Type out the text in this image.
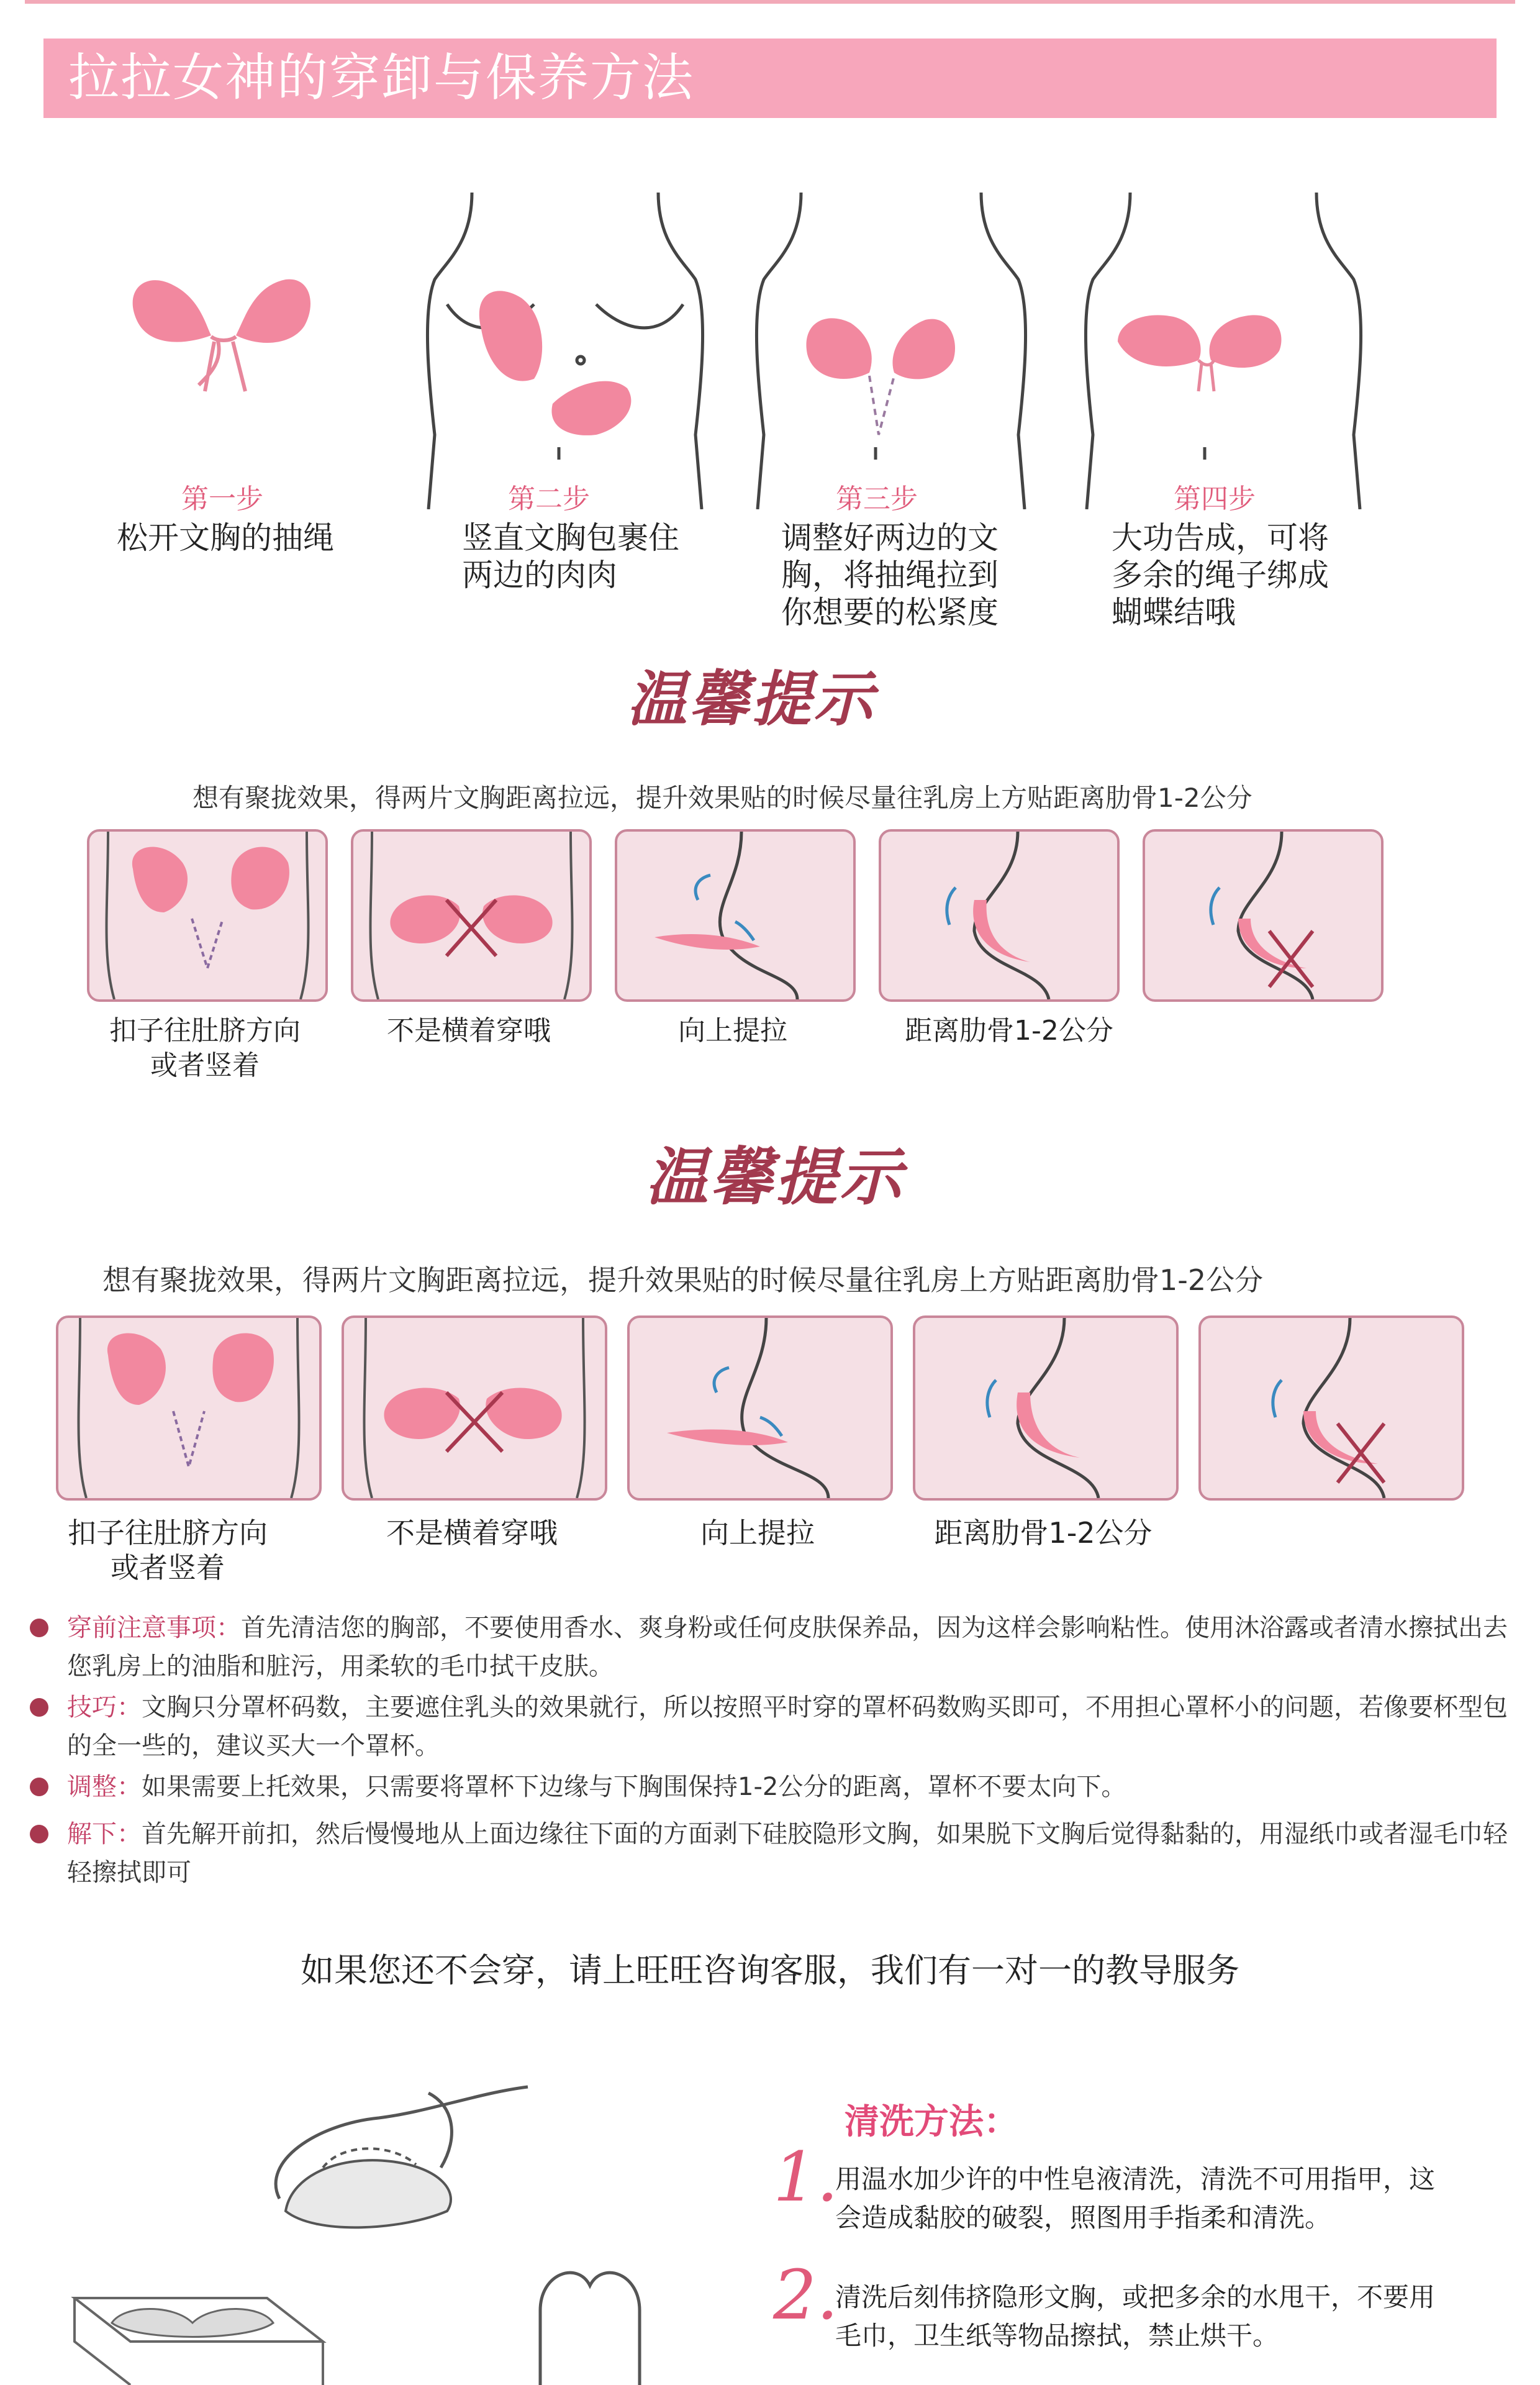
拉拉女神的穿卸与保养方法
第一步
松开文胸的抽绳
第二步
竖直文胸包裹住两边的肉肉
第三步
调整好两边的文胸，将抽绳拉到你想要的松紧度
第四步
大功告成，可将多余的绳子绑成蝴蝶结哦
温馨提示
想有聚拢效果，得两片文胸距离拉远，提升效果贴的时候尽量往乳房上方贴距离肋骨1-2公分
扣子往肚脐方向
或者竖着
不是横着穿哦	向上提拉	距离肋骨1-2公分
温馨提示
想有聚拢效果，得两片文胸距离拉远，提升效果贴的时候尽量往乳房上方贴距离肋骨1-2公分
扣子往肚脐方向
或者竖着
不是横着穿哦	向上提拉	距离肋骨1-2公分
穿前注意事项：首先清洁您的胸部，不要使用香水、爽身粉或任何皮肤保养品，因为这样会影响粘性。使用沐浴露或者清水擦拭出去您乳房上的油脂和脏污，用柔软的毛巾拭干皮肤。
技巧：文胸只分罩杯码数，主要遮住乳头的效果就行，所以按照平时穿的罩杯码数购买即可，不用担心罩杯小的问题，若像要杯型包的全一些的，建议买大一个罩杯。
调整：如果需要上托效果，只需要将罩杯下边缘与下胸围保持1-2公分的距离，罩杯不要太向下。
解下：首先解开前扣，然后慢慢地从上面边缘往下面的方面剥下硅胶隐形文胸，如果脱下文胸后觉得黏黏的，用湿纸巾或者湿毛巾轻轻擦拭即可
如果您还不会穿，请上旺旺咨询客服，我们有一对一的教导服务
清洗方法：
1.
用温水加少许的中性皂液清洗，清洗不可用指甲，这会造成黏胶的破裂，照图用手指柔和清洗。
2.
清洗后刻伟挤隐形文胸，或把多余的水甩干，不要用毛巾，卫生纸等物品擦拭，禁止烘干。
